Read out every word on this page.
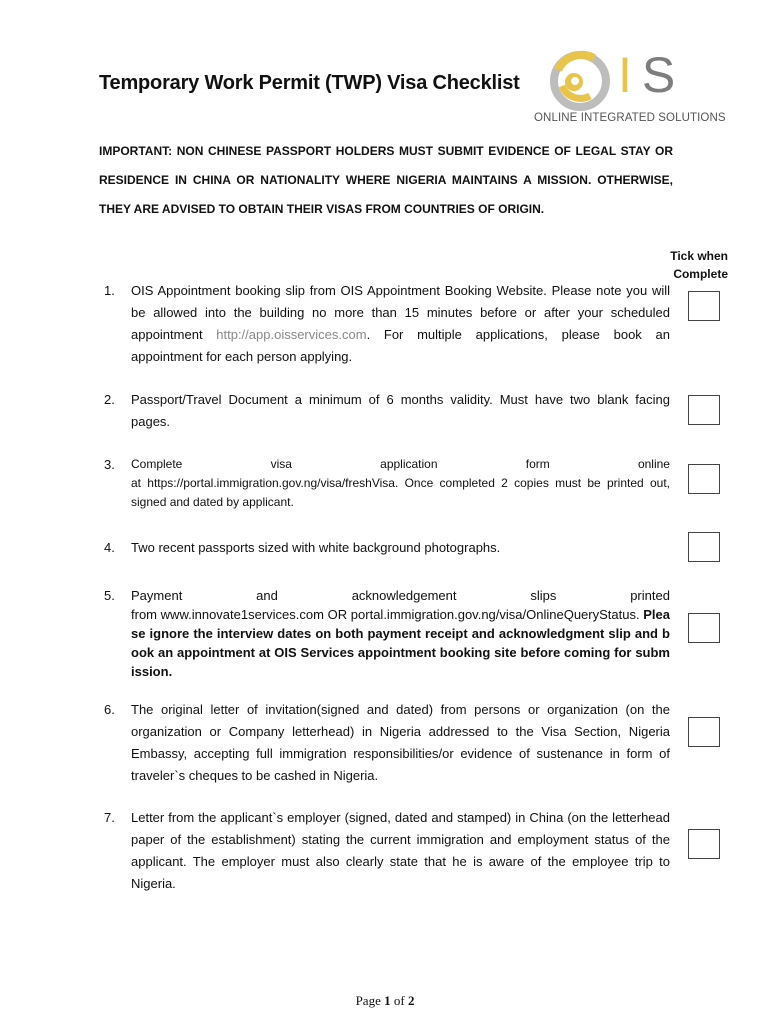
Temporary Work Permit (TWP) Visa Checklist IS
ONLINE INTEGRATED SOLUTIONS
IMPORTANT: NON CHINESE PASSPORT HOLDERS MUST SUBMIT EVIDENCE OF LEGAL STAY OR RESIDENCE IN CHINA OR NATIONALITY WHERE NIGERIA MAINTAINS A MISSION. OTHERWISE, THEY ARE ADVISED TO OBTAIN THEIR VISAS FROM COUNTRIES OF ORIGIN.
Tick when
Complete
1. OIS Appointment booking slip from OIS Appointment Booking Website. Please note you will be allowed into the building no more than 15 minutes before or after your scheduled appointment http://app.oisservices.com. For multiple applications, please book an appointment for each person applying.
2. Passport/Travel Document a minimum of 6 months validity. Must have two blank facing pages.
3. Complete	visa	application	form	online
at https://portal.immigration.gov.ng/visa/freshVisa. Once completed 2 copies must be printed out, signed and dated by applicant.
4. Two recent passports sized with white background photographs.
5. Payment	and	acknowledgement	slips	printed
from www.innovate1services.com OR portal.immigration.gov.ng/visa/OnlineQueryStatus. Please ignore the interview dates on both payment receipt and acknowledgment slip and book an appointment at OIS Services appointment booking site before coming for submission.
6. The original letter of invitation(signed and dated) from persons or organization (on the organization or Company letterhead) in Nigeria addressed to the Visa Section, Nigeria Embassy, accepting full immigration responsibilities/or evidence of sustenance in form of traveler`s cheques to be cashed in Nigeria.
7. Letter from the applicant`s employer (signed, dated and stamped) in China (on the letterhead paper of the establishment) stating the current immigration and employment status of the applicant. The employer must also clearly state that he is aware of the employee trip to Nigeria.
Page 1 of 2
